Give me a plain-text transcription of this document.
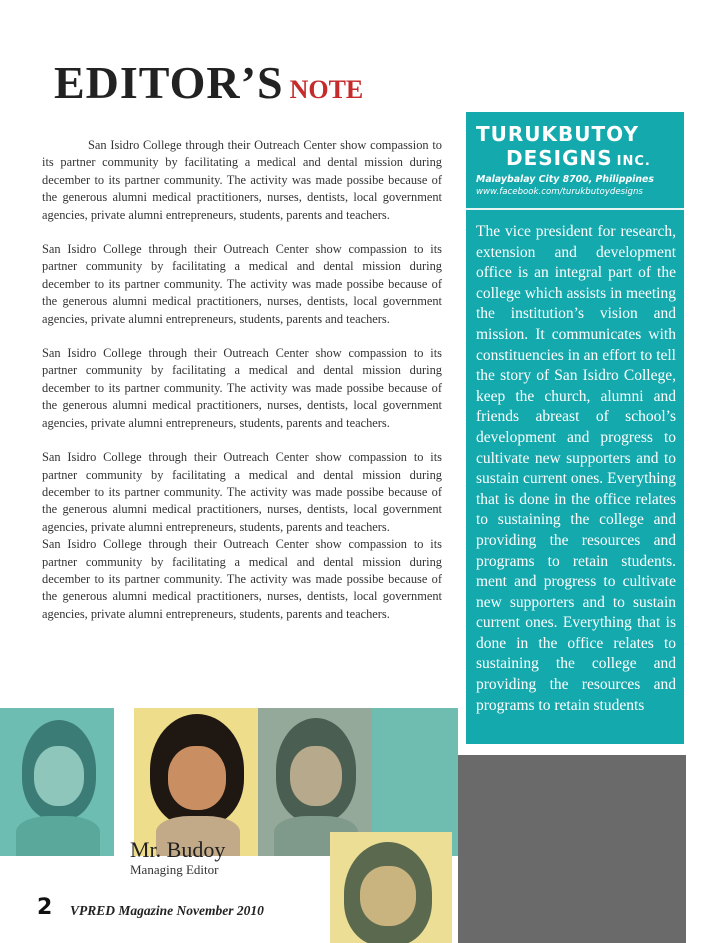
EDITOR’S NOTE

San Isidro College through their Outreach Center show compassion to its partner community by facilitating a medical and dental mission during december to its partner community. The activity was made possibe because of the generous alumni medical practitioners, nurses, dentists, local government agencies, private alumni entrepreneurs, students, parents and teachers.

San Isidro College through their Outreach Center show compassion to its partner community by facilitating a medical and dental mission during december to its partner community. The activity was made possibe because of the generous alumni medical practitioners, nurses, dentists, local government agencies, private alumni entrepreneurs, students, parents and teachers.

San Isidro College through their Outreach Center show compassion to its partner community by facilitating a medical and dental mission during december to its partner community. The activity was made possibe because of the generous alumni medical practitioners, nurses, dentists, local government agencies, private alumni entrepreneurs, students, parents and teachers.

San Isidro College through their Outreach Center show compassion to its partner community by facilitating a medical and dental mission during december to its partner community. The activity was made possibe because of the generous alumni medical practitioners, nurses, dentists, local government agencies, private alumni entrepreneurs, students, parents and teachers.

San Isidro College through their Outreach Center show compassion to its partner community by facilitating a medical and dental mission during december to its partner community. The activity was made possibe because of the generous alumni medical practitioners, nurses, dentists, local government agencies, private alumni entrepreneurs, students, parents and teachers.

TURUKBUTOY
DESIGNS INC.
Malaybalay City 8700, Philippines
www.facebook.com/turukbutoydesigns
The vice president for research, extension and development office is an integral part of the college which assists in meeting the institution’s vision and mission. It communicates with constituencies in an effort to tell the story of San Isidro College, keep the church, alumni and friends abreast of school’s development and progress to cultivate new supporters and to sustain current ones. Everything that is done in the office relates to sustaining the college and providing the resources and programs to retain students. ment and progress to cultivate new supporters and to sustain current ones. Everything that is done in the office relates to sustaining the college and providing the resources and programs to retain students
Mr. Budoy
Managing Editor
2 VPRED Magazine November 2010
